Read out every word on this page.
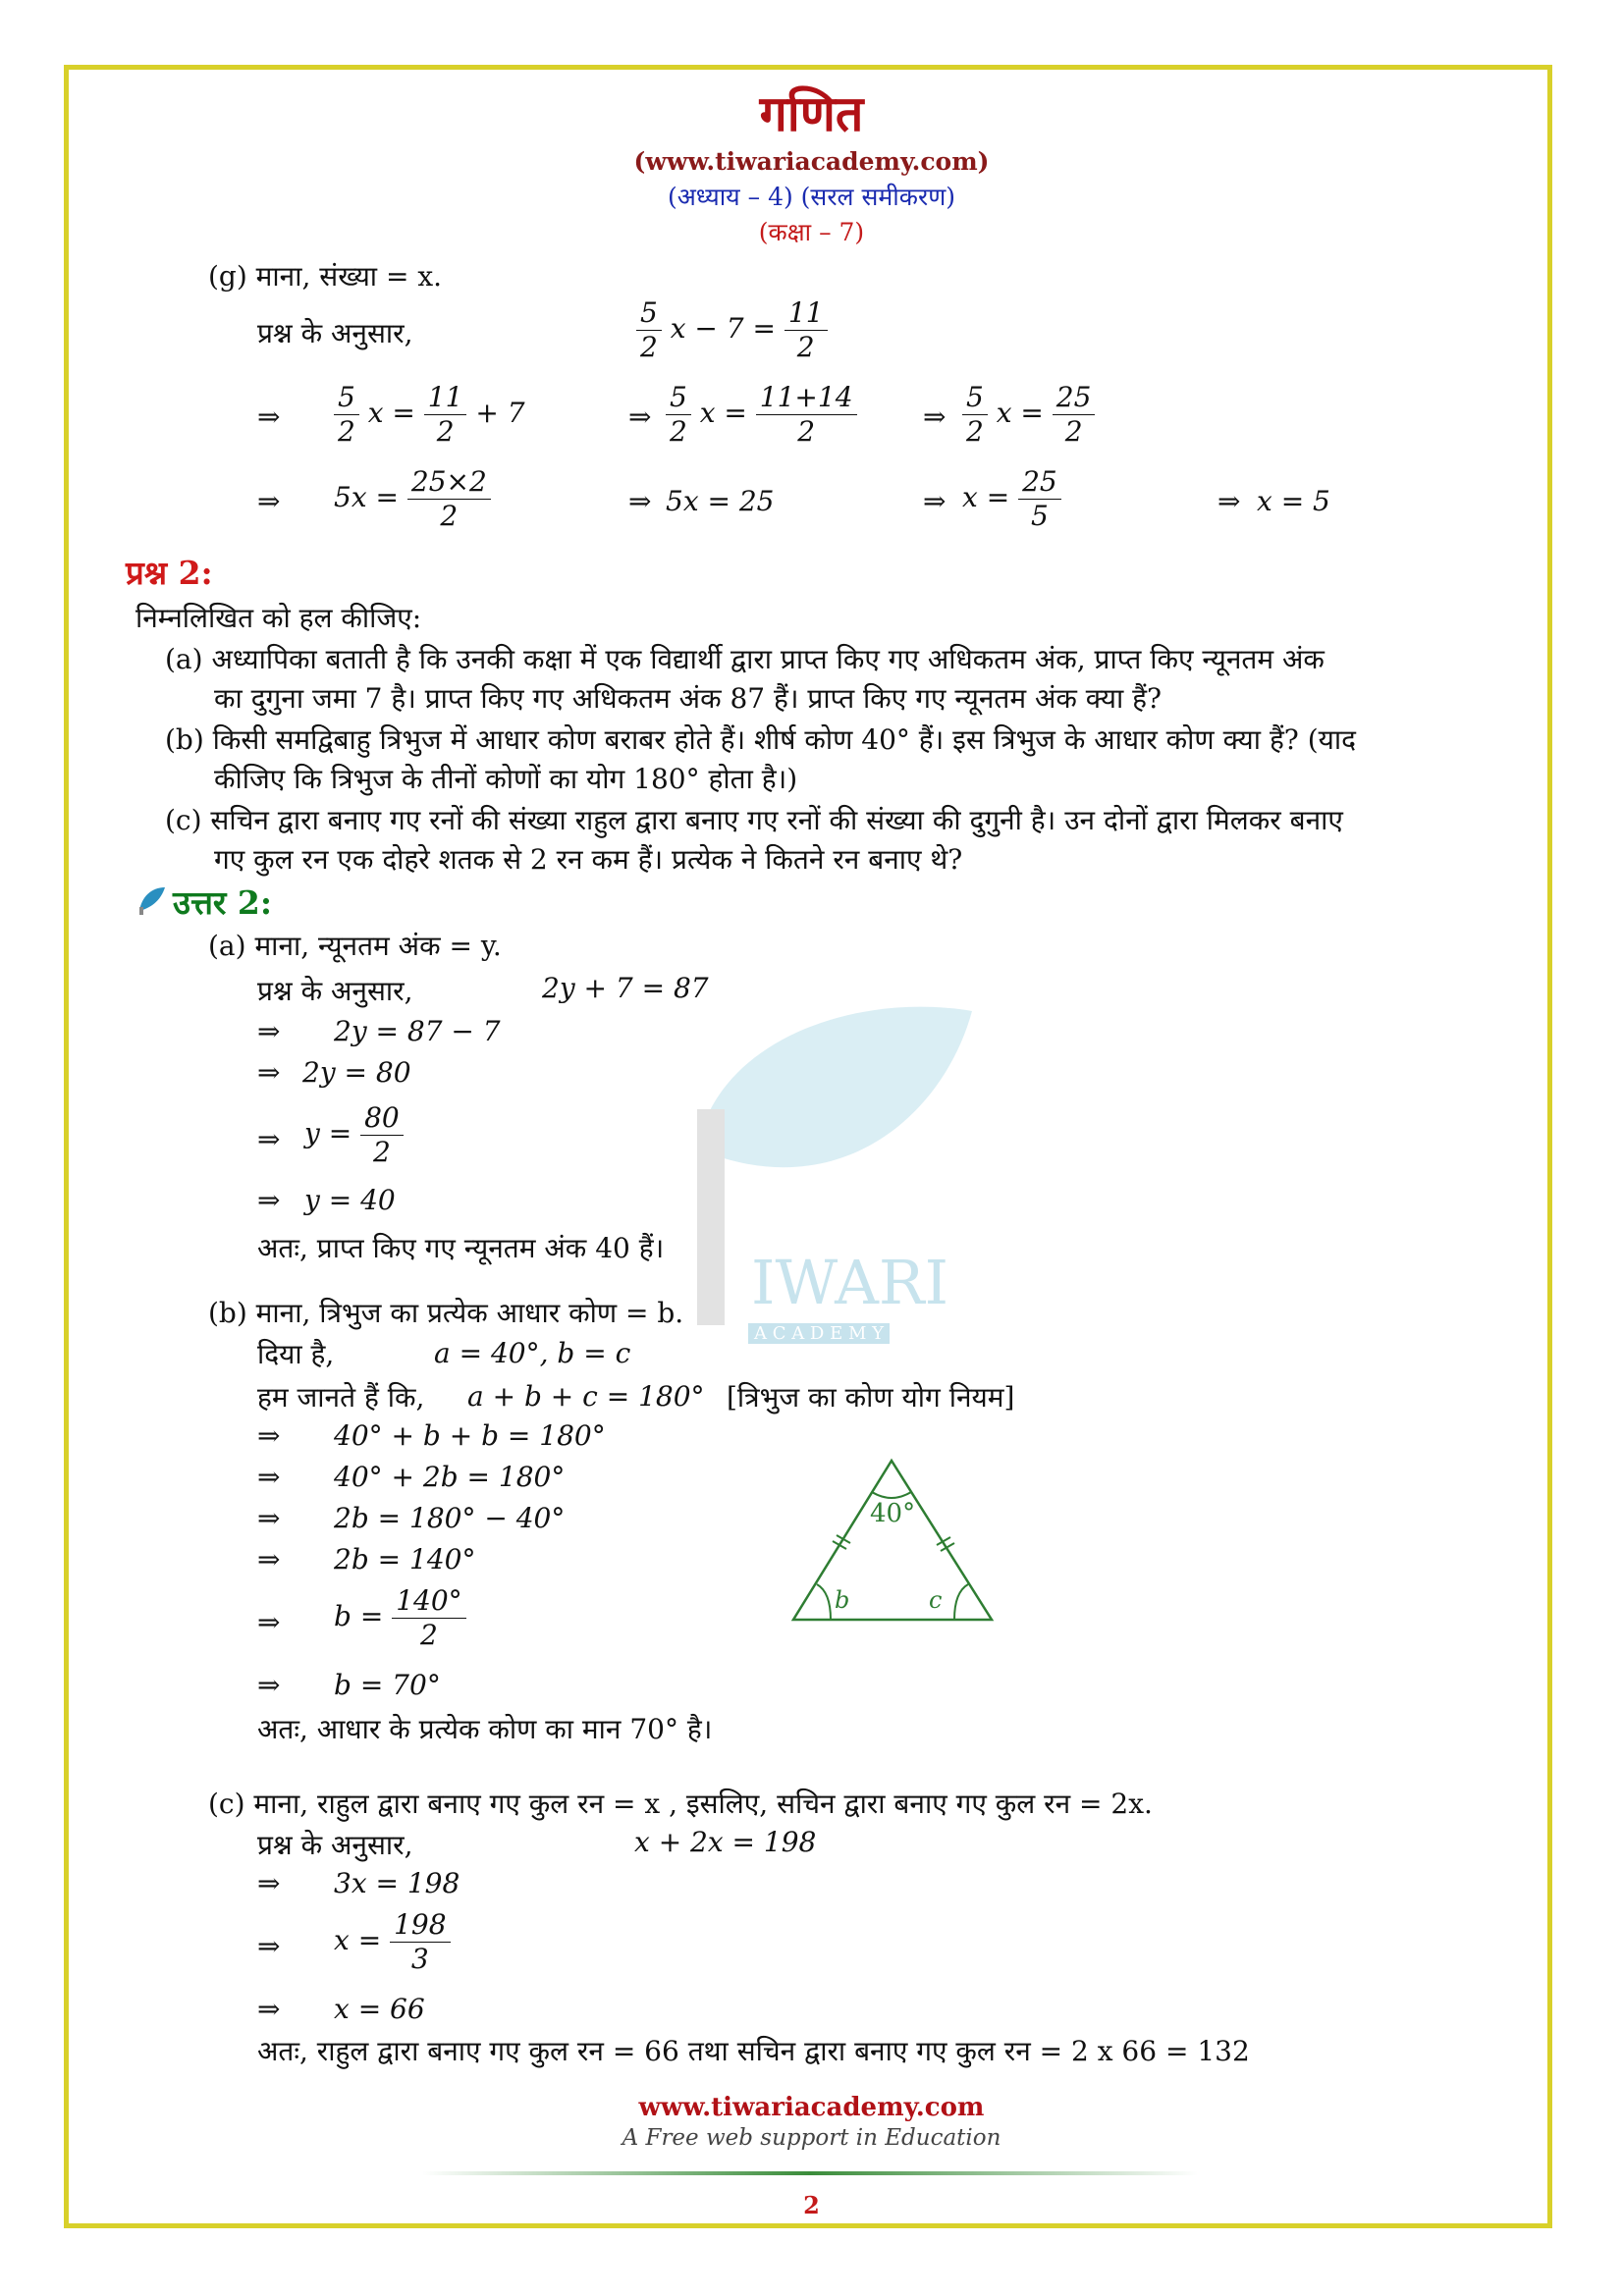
IWARI
A C A D E M Y
गणित
(www.tiwariacademy.com)
(अध्याय – 4) (सरल समीकरण)
(कक्षा – 7)
(g) माना, संख्या = x.
प्रश्न के अनुसार,	$\frac{5}{2}$ $x - 7 = \frac{11}{2}$
⇒ $\frac{5}{2}$ $x = \frac{11}{2} + 7$	⇒ $\frac{5}{2}$ $x = \frac{11+14}{2}$ ⇒ $\frac{5}{2}$ $x = \frac{25}{2}$
⇒ $5x = \frac{25\times 2}{2}$	⇒ 5x = 25	⇒ $x = \frac{25}{5}$	⇒ x = 5
प्रश्न 2:
निम्नलिखित को हल कीजिए:
(a) अध्यापिका बताती है कि उनकी कक्षा में एक विद्यार्थी द्वारा प्राप्त किए गए अधिकतम अंक, प्राप्त किए न्यूनतम अंक
का दुगुना जमा 7 है। प्राप्त किए गए अधिकतम अंक 87 हैं। प्राप्त किए गए न्यूनतम अंक क्या हैं?
(b) किसी समद्विबाहु त्रिभुज में आधार कोण बराबर होते हैं। शीर्ष कोण 40° हैं। इस त्रिभुज के आधार कोण क्या हैं? (याद
कीजिए कि त्रिभुज के तीनों कोणों का योग 180° होता है।)
(c) सचिन द्वारा बनाए गए रनों की संख्या राहुल द्वारा बनाए गए रनों की संख्या की दुगुनी है। उन दोनों द्वारा मिलकर बनाए
गए कुल रन एक दोहरे शतक से 2 रन कम हैं। प्रत्येक ने कितने रन बनाए थे?
उत्तर 2:
(a) माना, न्यूनतम अंक = y.
प्रश्न के अनुसार,	2y + 7 = 87
⇒ 2y = 87 − 7
⇒ 2y = 80
⇒ $y = \frac{80}{2}$
⇒ y = 40
अतः, प्राप्त किए गए न्यूनतम अंक 40 हैं।
(b) माना, त्रिभुज का प्रत्येक आधार कोण = b.
दिया है,	a = 40°, b = c
हम जानते हैं कि, a + b + c = 180° [त्रिभुज का कोण योग नियम]
⇒ 40° + b + b = 180°
⇒ 40° + 2b = 180°
⇒ 2b = 180° − 40°
⇒ 2b = 140°
⇒ $b = \frac{140^\circ}{2}$
⇒ b = 70°
अतः, आधार के प्रत्येक कोण का मान 70° है।
40°
b	c
(c) माना, राहुल द्वारा बनाए गए कुल रन = x , इसलिए, सचिन द्वारा बनाए गए कुल रन = 2x.
प्रश्न के अनुसार,	x + 2x = 198
⇒ 3x = 198
⇒ $x = \frac{198}{3}$
⇒ x = 66
अतः, राहुल द्वारा बनाए गए कुल रन = 66 तथा सचिन द्वारा बनाए गए कुल रन = 2 x 66 = 132
www.tiwariacademy.com
A Free web support in Education
2
